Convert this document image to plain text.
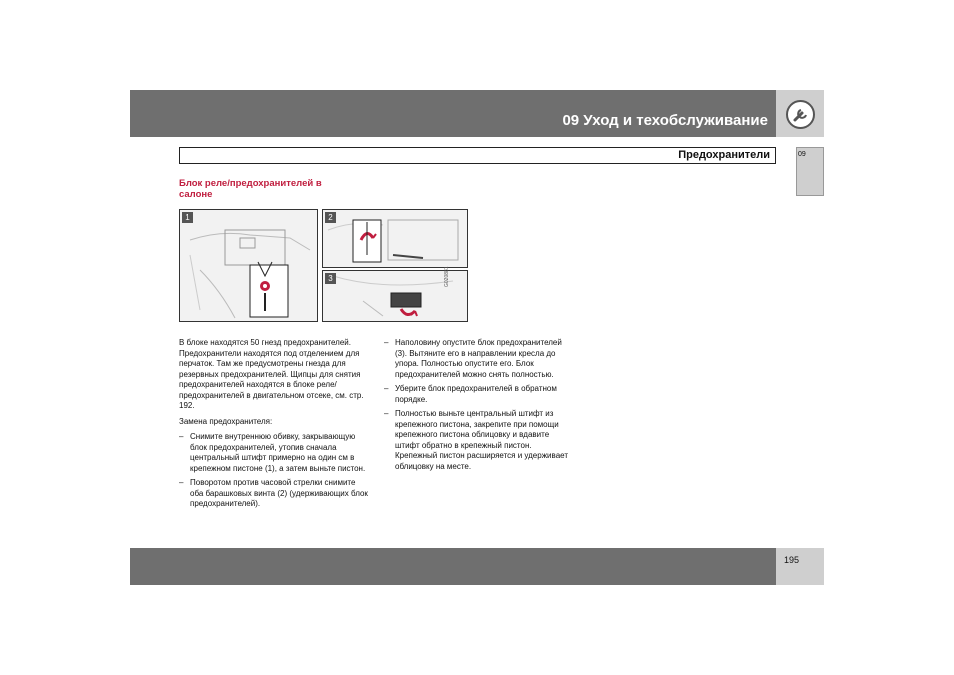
09 Уход и техобслуживание
Предохранители	09
Блок реле/предохранителей в салоне
1	2
3	G020881

В блоке находятся 50 гнезд предохранителей. Предохранители находятся под отделением для перчаток. Там же предусмотрены гнезда для резервных предохранителей. Щипцы для снятия предохранителей находятся в блоке реле/предохранителей в двигательном отсеке, см. стр. 192.

Замена предохранителя:

– Снимите внутреннюю обивку, закрывающую блок предохранителей, утопив сначала центральный штифт примерно на один см в крепежном пистоне (1), а затем выньте пистон.
– Поворотом против часовой стрелки снимите оба барашковых винта (2) (удерживающих блок предохранителей).
– Наполовину опустите блок предохранителей (3). Вытяните его в направлении кресла до упора. Полностью опустите его. Блок предохранителей можно снять полностью.
– Уберите блок предохранителей в обратном порядке.
– Полностью выньте центральный штифт из крепежного пистона, закрепите при помощи крепежного пистона облицовку и вдавите штифт обратно в крепежный пистон. Крепежный пистон расширяется и удерживает облицовку на месте.
195
